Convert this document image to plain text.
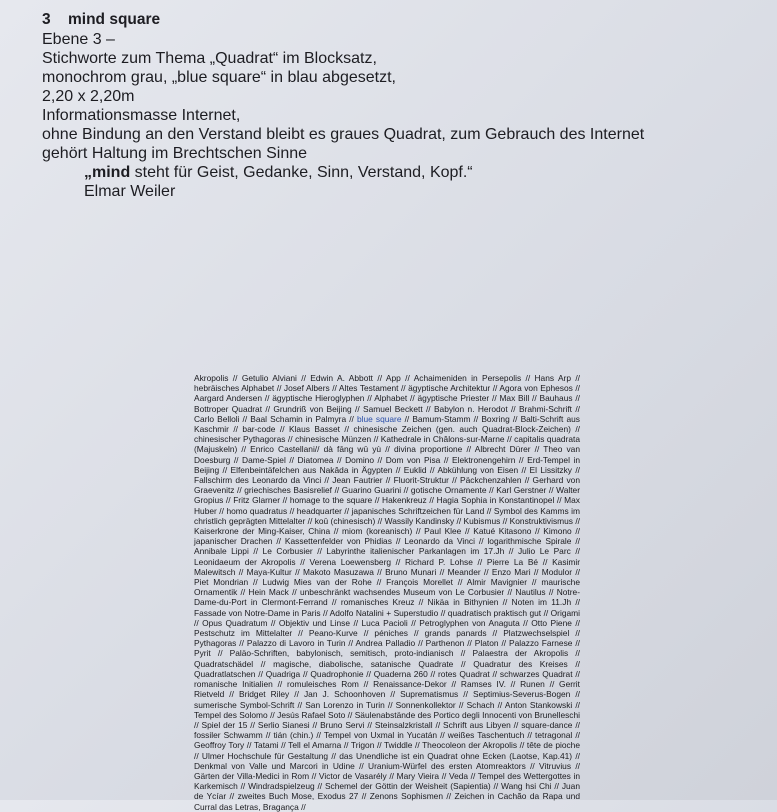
3 mind square
Ebene 3 –
Stichworte zum Thema „Quadrat“ im Blocksatz,
monochrom grau, „blue square“ in blau abgesetzt,
2,20 x 2,20m
Informationsmasse Internet,
ohne Bindung an den Verstand bleibt es graues Quadrat, zum Gebrauch des Internet
gehört Haltung im Brechtschen Sinne
„mind steht für Geist, Gedanke, Sinn, Verstand, Kopf.“
Elmar Weiler
Akropolis // Getulio Alviani // Edwin A. Abbott // App // Achaimeniden in Persepolis // Hans Arp // hebräisches Alphabet // Josef Albers // Altes Testament // ägyptische Architektur // Agora von Ephesos // Aargard Andersen // ägyptische Hieroglyphen // Alphabet // ägyptische Priester // Max Bill // Bauhaus // Bottroper Quadrat // Grundriß von Beijing // Samuel Beckett // Babylon n. Herodot // Brahmi-Schrift // Carlo Belloli // Baal Schamin in Palmyra // blue square // Bamum-Stamm // Boxring // Balti-Schrift aus Kaschmir // bar-code // Klaus Basset // chinesische Zeichen (gen. auch Quadrat-Block-Zeichen) // chinesischer Pythagoras // chinesische Münzen // Kathedrale in Châlons-sur-Marne // capitalis quadrata (Majuskeln) // Enrico Castellani// dà fāng wū yù // divina proportione // Albrecht Dürer // Theo van Doesburg // Dame-Spiel // Diatomea // Domino // Dom von Pisa // Elektronengehirn // Erd-Tempel in Beijing // Elfenbeintäfelchen aus Nakâda in Ägypten // Euklid // Abkühlung von Eisen // El Lissitzky // Fallschirm des Leonardo da Vinci // Jean Fautrier // Fluorit-Struktur // Päckchenzahlen // Gerhard von Graevenitz // griechisches Basisrelief // Guarino Guarini // gotische Ornamente // Karl Gerstner // Walter Gropius // Fritz Glarner // homage to the square // Hakenkreuz // Hagia Sophia in Konstantinopel // Max Huber // homo quadratus // headquarter // japanisches Schriftzeichen für Land // Symbol des Kamms im christlich geprägten Mittelalter // koū (chinesisch) // Wassily Kandinsky // Kubismus // Konstruktivismus // Kaiserkrone der Ming-Kaiser, China // miom (koreanisch) // Paul Klee // Katué Kitasono // Kimono // japanischer Drachen // Kassettenfelder von Phidias // Leonardo da Vinci // logarithmische Spirale // Annibale Lippi // Le Corbusier // Labyrinthe italienischer Parkanlagen im 17.Jh // Julio Le Parc // Leonidaeum der Akropolis // Verena Loewensberg // Richard P. Lohse // Pierre La Bé // Kasimir Malewitsch // Maya-Kultur // Makoto Masuzawa // Bruno Munari // Meander // Enzo Mari // Modulor // Piet Mondrian // Ludwig Mies van der Rohe // François Morellet // Almir Mavignier // maurische Ornamentik // Hein Mack // unbeschränkt wachsendes Museum von Le Corbusier // Nautilus // Notre-Dame-du-Port in Clermont-Ferrand // romanisches Kreuz // Nikäa in Bithynien // Noten im 11.Jh // Fassade von Notre-Dame in Paris // Adolfo Natalini + Superstudio // quadratisch praktisch gut // Origami // Opus Quadratum // Objektiv und Linse // Luca Pacioli // Petroglyphen von Anaguta // Otto Piene // Pestschutz im Mittelalter // Peano-Kurve // péniches // grands panards // Platzwechselspiel // Pythagoras // Palazzo di Lavoro in Turin // Andrea Palladio // Parthenon // Platon // Palazzo Farnese // Pyrit // Paläo-Schriften, babylonisch, semitisch, proto-indianisch // Palaestra der Akropolis // Quadratschädel // magische, diabolische, satanische Quadrate // Quadratur des Kreises // Quadratlatschen // Quadriga // Quadrophonie // Quaderna 260 // rotes Quadrat // schwarzes Quadrat // romanische Initialien // romuleisches Rom // Renaissance-Dekor // Ramses IV. // Runen // Gerrit Rietveld // Bridget Riley // Jan J. Schoonhoven // Suprematismus // Septimius-Severus-Bogen // sumerische Symbol-Schrift // San Lorenzo in Turin // Sonnenkollektor // Schach // Anton Stankowski // Tempel des Solomo // Jesús Rafael Soto // Säulenabstände des Portico degli Innocenti von Brunelleschi // Spiel der 15 // Serlio Sianesi // Bruno Servi // Steinsalzkristall // Schrift aus Libyen // square-dance // fossiler Schwamm // tián (chin.) // Tempel von Uxmal in Yucatán // weißes Taschentuch // tetragonal // Geoffroy Tory // Tatami // Tell el Amarna // Trigon // Twiddle // Theocoleon der Akropolis // tête de pioche // Ulmer Hochschule für Gestaltung // das Unendliche ist ein Quadrat ohne Ecken (Laotse, Kap.41) // Denkmal von Valle und Marcori in Udine // Uranium-Würfel des ersten Atomreaktors // Vitruvius // Gärten der Villa-Medici in Rom // Victor de Vasarély // Mary Vieira // Veda // Tempel des Wettergottes in Karkemisch // Windradspielzeug // Schemel der Göttin der Weisheit (Sapientia) // Wang hsi Chi // Juan de Ycíar // zweites Buch Mose, Exodus 27 // Zenons Sophismen // Zeichen in Cachão da Rapa und Curral das Letras, Bragança //
